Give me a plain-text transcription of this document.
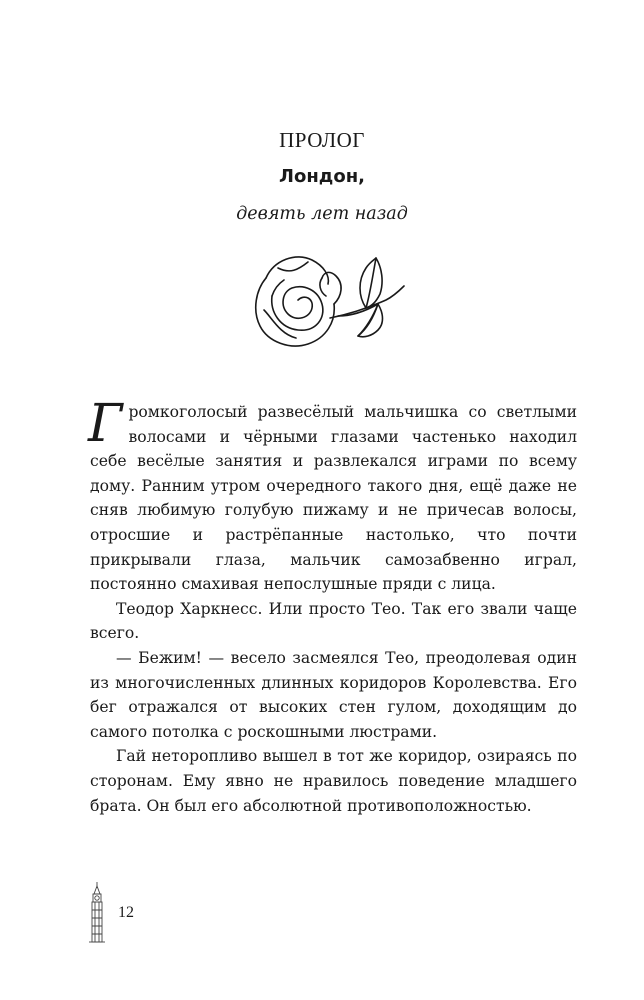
ПРОЛОГ
Лондон,
девять лет назад

Громкоголосый развесёлый мальчишка со светлыми волосами и чёрными глазами частенько находил себе весёлые занятия и развлекался играми по всему дому. Ранним утром очередного такого дня, ещё даже не сняв любимую голубую пижаму и не причесав волосы, отросшие и растрёпанные настолько, что почти прикрывали глаза, мальчик самозабвенно играл, постоянно смахивая непослушные пряди с лица.

Теодор Харкнесс. Или просто Тео. Так его звали чаще всего.

— Бежим! — весело засмеялся Тео, преодолевая один из многочисленных длинных коридоров Королевства. Его бег отражался от высоких стен гулом, доходящим до самого потолка с роскошными люстрами.

Гай неторопливо вышел в тот же коридор, озираясь по сторонам. Ему явно не нравилось поведение младшего брата. Он был его абсолютной противоположностью.

12
